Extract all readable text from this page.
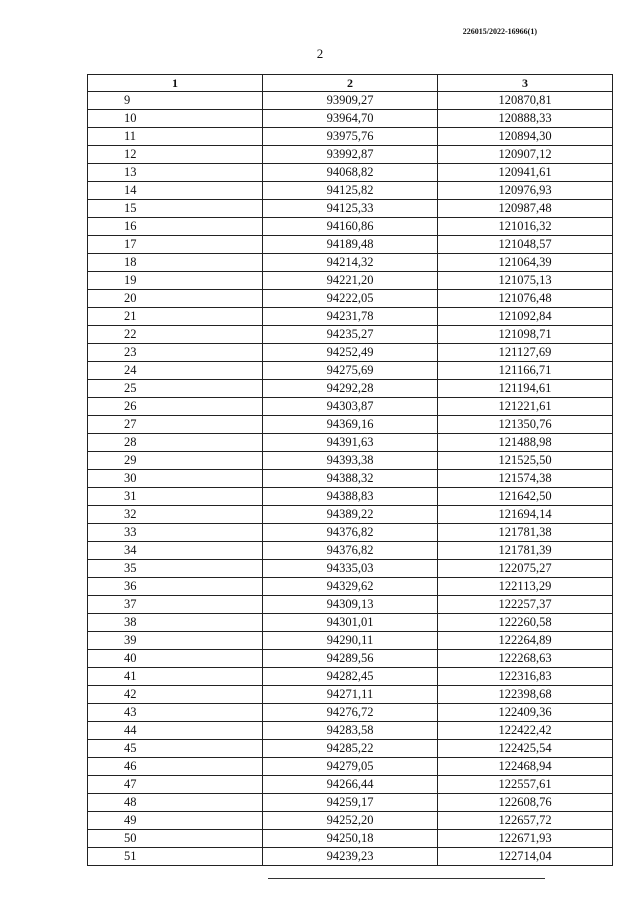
226015/2022-16966(1)
2
1	2	3
9	93909,27	120870,81
10	93964,70	120888,33
11	93975,76	120894,30
12	93992,87	120907,12
13	94068,82	120941,61
14	94125,82	120976,93
15	94125,33	120987,48
16	94160,86	121016,32
17	94189,48	121048,57
18	94214,32	121064,39
19	94221,20	121075,13
20	94222,05	121076,48
21	94231,78	121092,84
22	94235,27	121098,71
23	94252,49	121127,69
24	94275,69	121166,71
25	94292,28	121194,61
26	94303,87	121221,61
27	94369,16	121350,76
28	94391,63	121488,98
29	94393,38	121525,50
30	94388,32	121574,38
31	94388,83	121642,50
32	94389,22	121694,14
33	94376,82	121781,38
34	94376,82	121781,39
35	94335,03	122075,27
36	94329,62	122113,29
37	94309,13	122257,37
38	94301,01	122260,58
39	94290,11	122264,89
40	94289,56	122268,63
41	94282,45	122316,83
42	94271,11	122398,68
43	94276,72	122409,36
44	94283,58	122422,42
45	94285,22	122425,54
46	94279,05	122468,94
47	94266,44	122557,61
48	94259,17	122608,76
49	94252,20	122657,72
50	94250,18	122671,93
51	94239,23	122714,04
